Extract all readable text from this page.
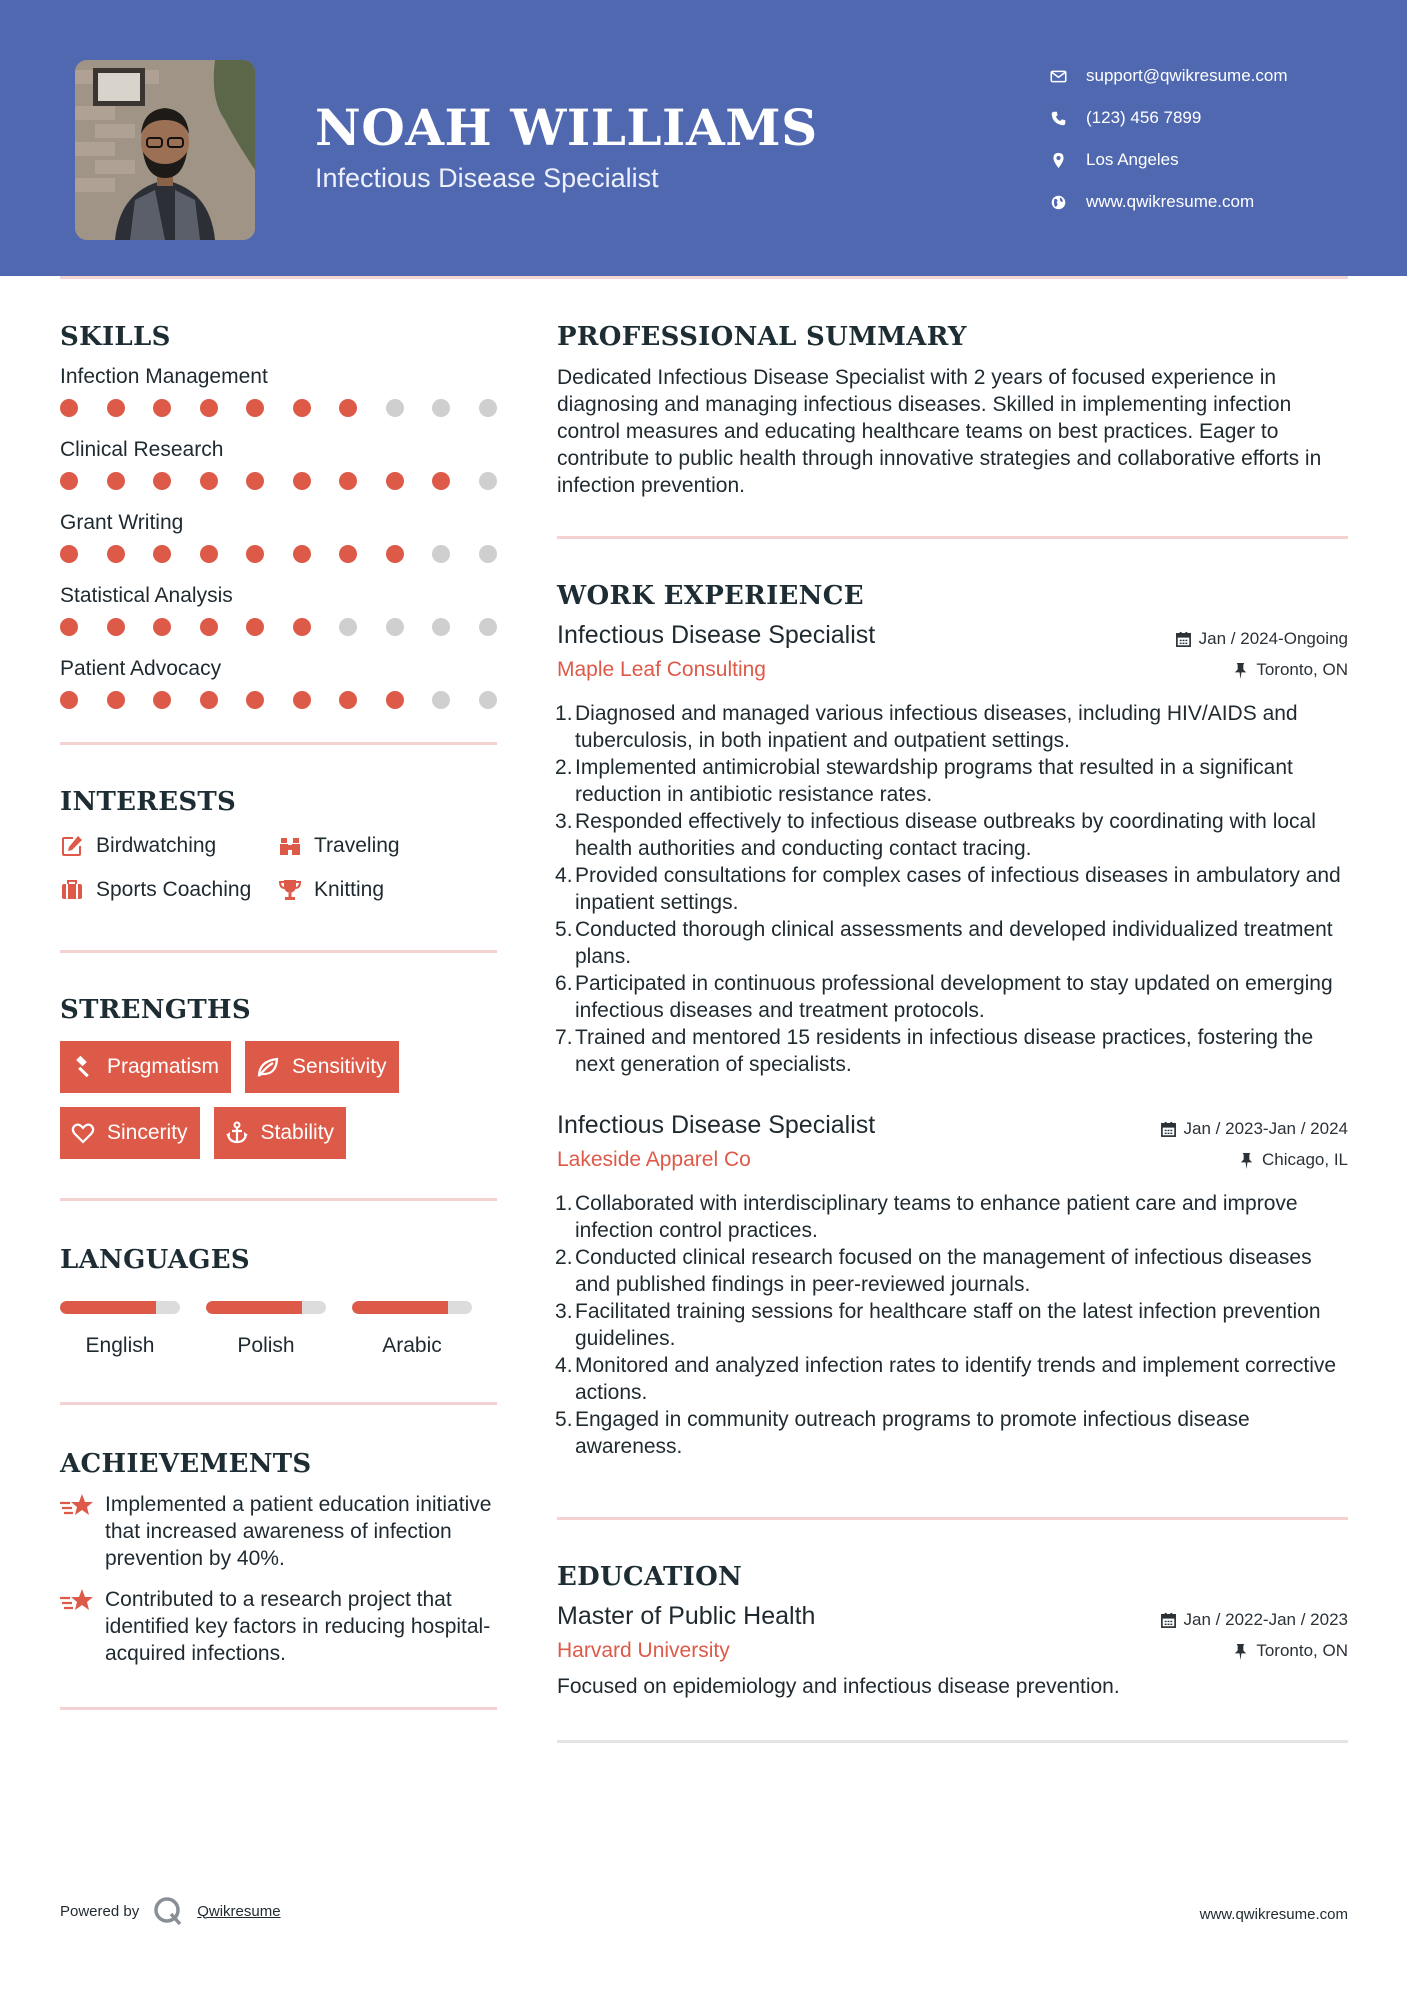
NOAH WILLIAMS
Infectious Disease Specialist
support@qwikresume.com
(123) 456 7899
Los Angeles
www.qwikresume.com
SKILLS
Infection Management
Clinical Research
Grant Writing
Statistical Analysis
Patient Advocacy
INTERESTS
Birdwatching	Traveling
Sports Coaching	Knitting
STRENGTHS
Pragmatism	Sensitivity
Sincerity	Stability
LANGUAGES
English	Polish	Arabic
ACHIEVEMENTS
Implemented a patient education initiative that increased awareness of infection prevention by 40%.
Contributed to a research project that identified key factors in reducing hospital-acquired infections.
PROFESSIONAL SUMMARY
Dedicated Infectious Disease Specialist with 2 years of focused experience in diagnosing and managing infectious diseases. Skilled in implementing infection control measures and educating healthcare teams on best practices. Eager to contribute to public health through innovative strategies and collaborative efforts in infection prevention.
WORK EXPERIENCE
Infectious Disease Specialist	Jan / 2024-Ongoing
Maple Leaf Consulting	Toronto, ON
Diagnosed and managed various infectious diseases, including HIV/AIDS and tuberculosis, in both inpatient and outpatient settings.
Implemented antimicrobial stewardship programs that resulted in a significant reduction in antibiotic resistance rates.
Responded effectively to infectious disease outbreaks by coordinating with local health authorities and conducting contact tracing.
Provided consultations for complex cases of infectious diseases in ambulatory and inpatient settings.
Conducted thorough clinical assessments and developed individualized treatment plans.
Participated in continuous professional development to stay updated on emerging infectious diseases and treatment protocols.
Trained and mentored 15 residents in infectious disease practices, fostering the next generation of specialists.
Infectious Disease Specialist	Jan / 2023-Jan / 2024
Lakeside Apparel Co	Chicago, IL
Collaborated with interdisciplinary teams to enhance patient care and improve infection control practices.
Conducted clinical research focused on the management of infectious diseases and published findings in peer-reviewed journals.
Facilitated training sessions for healthcare staff on the latest infection prevention guidelines.
Monitored and analyzed infection rates to identify trends and implement corrective actions.
Engaged in community outreach programs to promote infectious disease awareness.
EDUCATION
Master of Public Health	Jan / 2022-Jan / 2023
Harvard University	Toronto, ON
Focused on epidemiology and infectious disease prevention.
Powered by	Qwikresume	www.qwikresume.com
